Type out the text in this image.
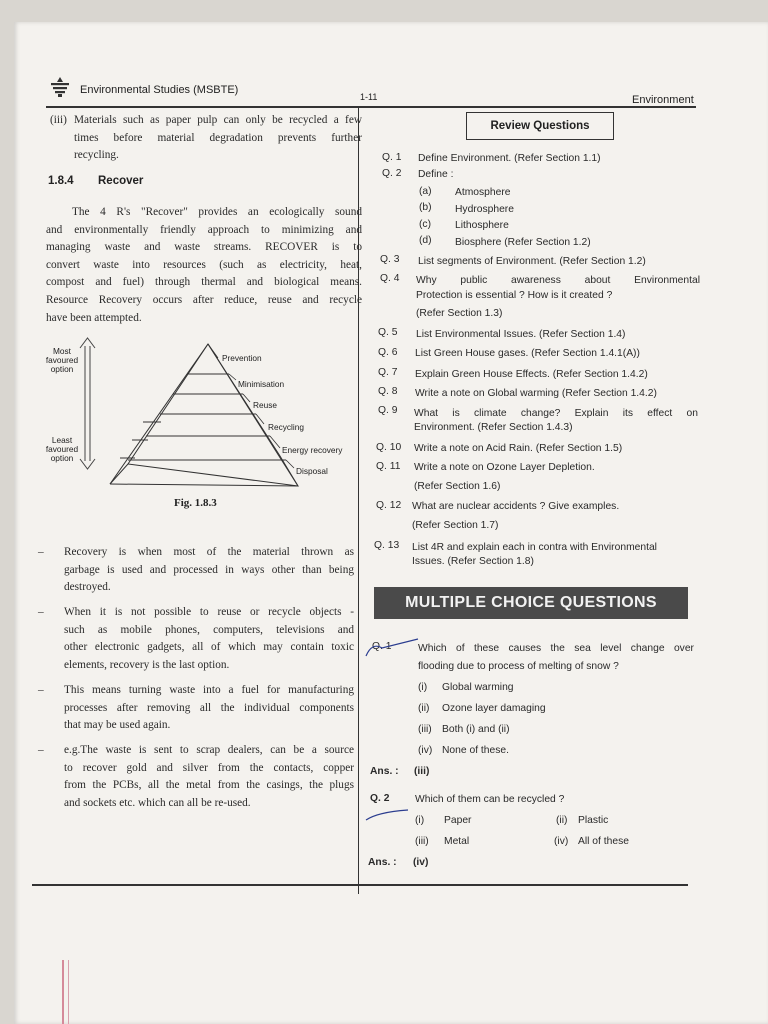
Environmental Studies (MSBTE)
1-11	Environment
(iii) Materials such as paper pulp can only be recycled a few
times before material degradation prevents further
recycling.
1.8.4 Recover
The 4 R's "Recover" provides an ecologically sound
and environmentally friendly approach to minimizing and
managing waste and waste streams. RECOVER is to
convert waste into resources (such as electricity, heat,
compost and fuel) through thermal and biological means.
Resource Recovery occurs after reduce, reuse and recycle
have been attempted.
Most
favoured
option
Least
favoured
option
Prevention
Minimisation
Reuse
Recycling
Energy recovery
Disposal
Fig. 1.8.3
– Recovery is when most of the material thrown as
garbage is used and processed in ways other than being
destroyed.
– When it is not possible to reuse or recycle objects -
such as mobile phones, computers, televisions and
other electronic gadgets, all of which may contain toxic
elements, recovery is the last option.
– This means turning waste into a fuel for manufacturing
processes after removing all the individual components
that may be used again.
– e.g.The waste is sent to scrap dealers, can be a source
to recover gold and silver from the contacts, copper
from the PCBs, all the metal from the casings, the plugs
and sockets etc. which can all be re-used.
Review Questions
Q. 1 Define Environment. (Refer Section 1.1)
Q. 2 Define :
(a) Atmosphere
(b) Hydrosphere
(c) Lithosphere
(d) Biosphere (Refer Section 1.2)
Q. 3 List segments of Environment. (Refer Section 1.2)
Q. 4 Why public awareness about Environmental
Protection is essential ? How is it created ?
(Refer Section 1.3)
Q. 5 List Environmental Issues. (Refer Section 1.4)
Q. 6 List Green House gases. (Refer Section 1.4.1(A))
Q. 7 Explain Green House Effects. (Refer Section 1.4.2)
Q. 8 Write a note on Global warming (Refer Section 1.4.2)
Q. 9 What is climate change? Explain its effect on
Environment. (Refer Section 1.4.3)
Q. 10 Write a note on Acid Rain. (Refer Section 1.5)
Q. 11 Write a note on Ozone Layer Depletion.
(Refer Section 1.6)
Q. 12 What are nuclear accidents ? Give examples.
(Refer Section 1.7)
Q. 13 List 4R and explain each in contra with Environmental
Issues. (Refer Section 1.8)
MULTIPLE CHOICE QUESTIONS
Q. 1	Which of these causes the sea level change over
flooding due to process of melting of snow ?
(i) Global warming
(ii) Ozone layer damaging
(iii) Both (i) and (ii)
(iv) None of these.
Ans. : (iii)
Q. 2 Which of them can be recycled ?
(i) Paper	(ii) Plastic
(iii) Metal	(iv) All of these
Ans. : (iv)
